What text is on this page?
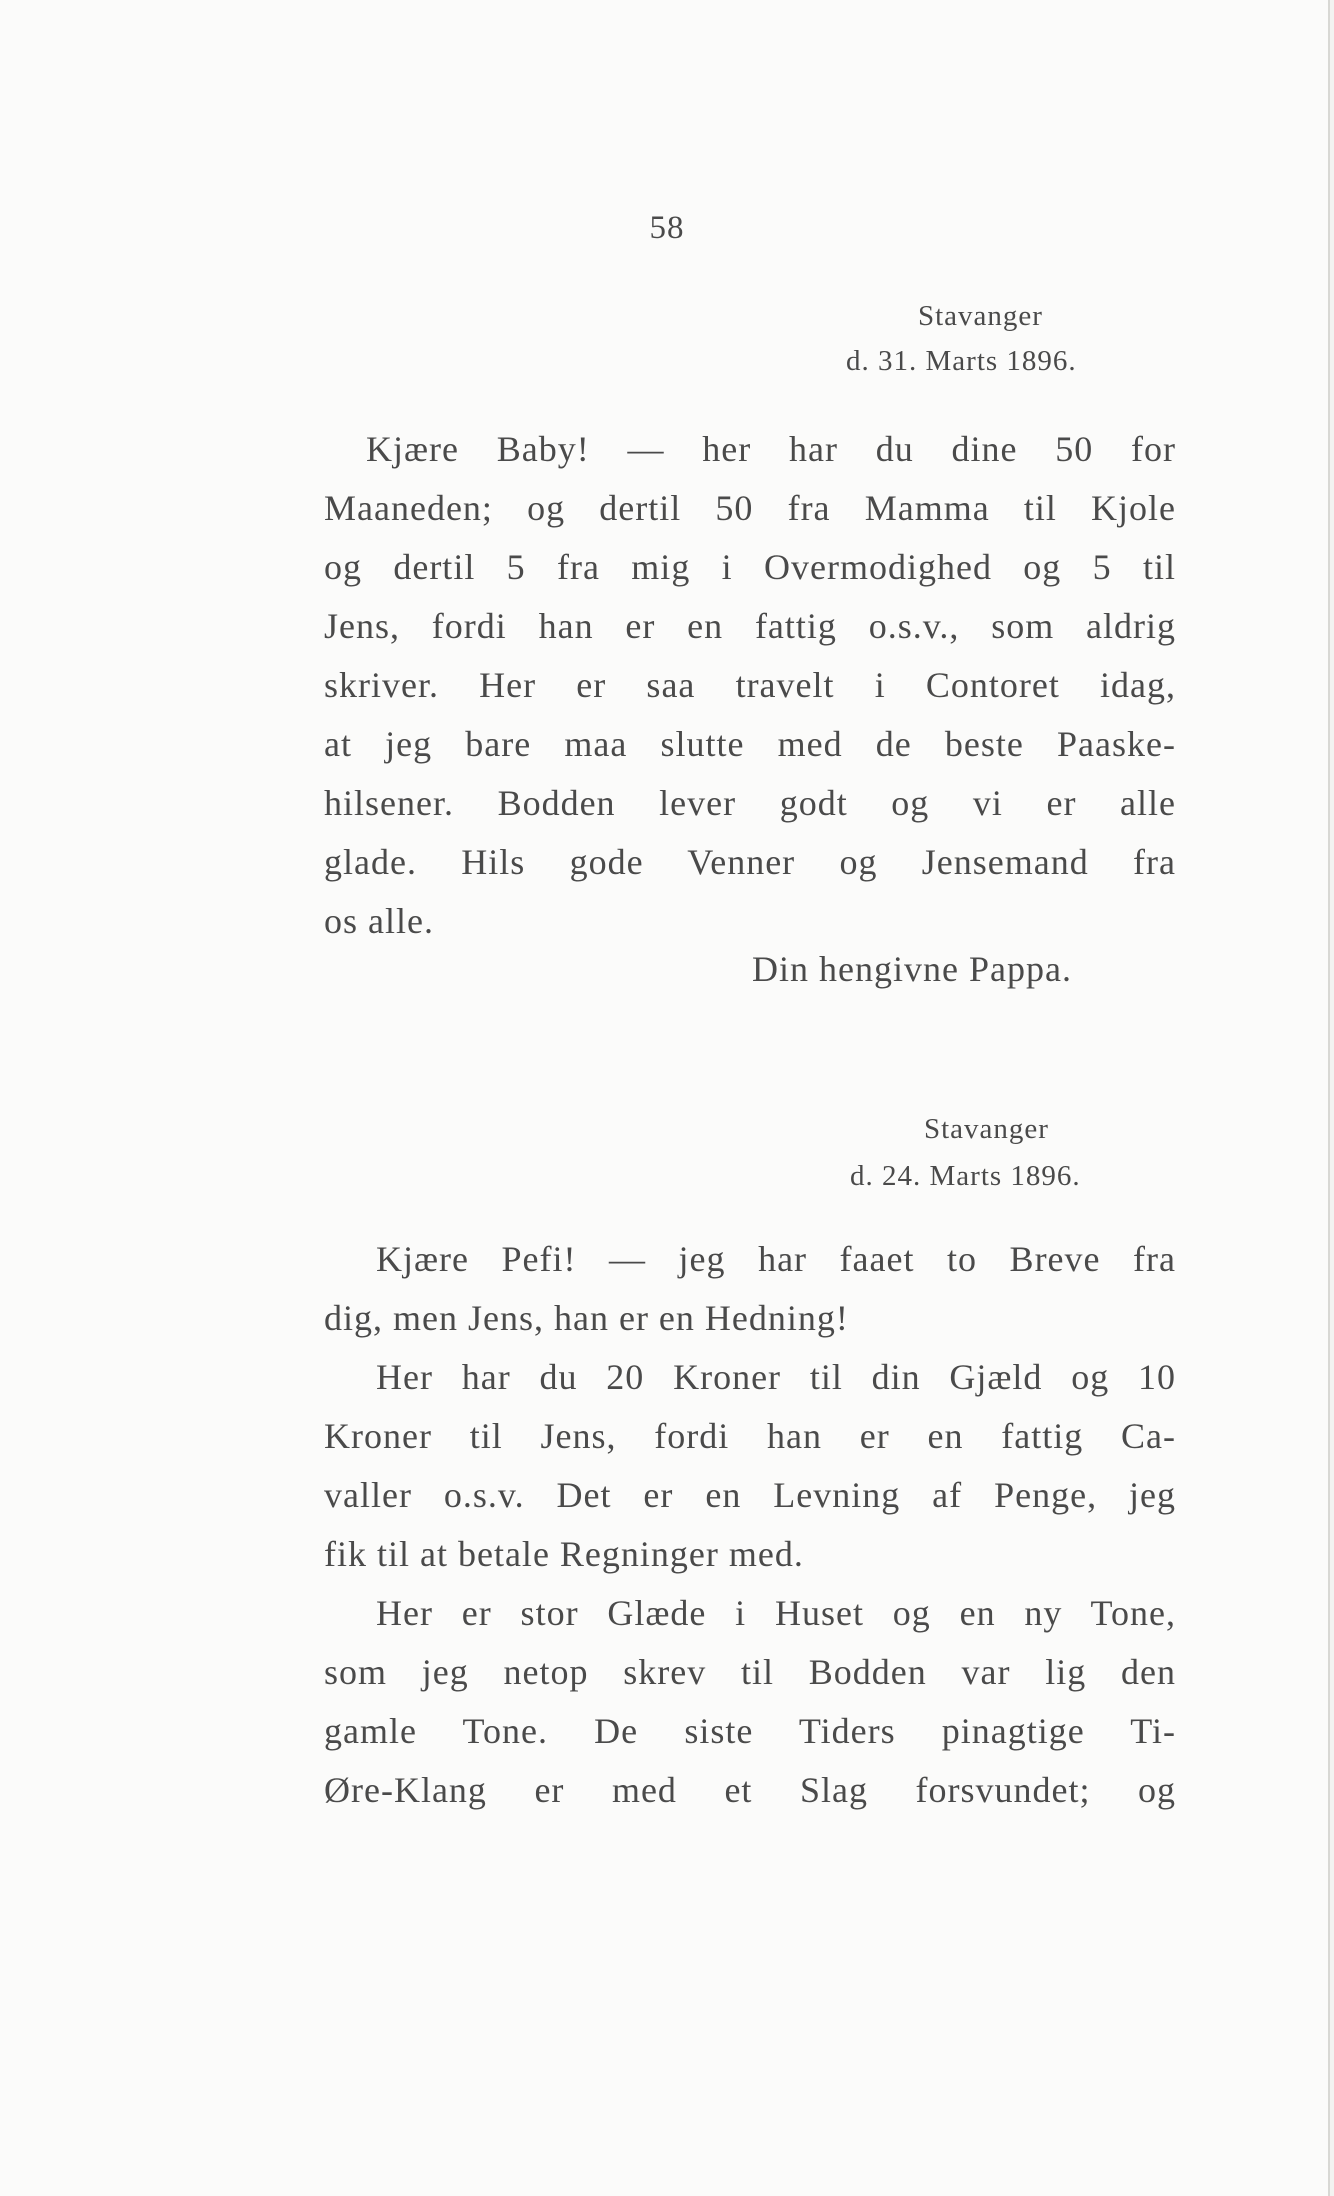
58
Stavanger
d. 31. Marts 1896.
Kjære Baby! — her har du dine 50 for
Maaneden; og dertil 50 fra Mamma til Kjole
og dertil 5 fra mig i Overmodighed og 5 til
Jens, fordi han er en fattig o.s.v., som aldrig
skriver. Her er saa travelt i Contoret idag,
at jeg bare maa slutte med de beste Paaske-
hilsener. Bodden lever godt og vi er alle
glade. Hils gode Venner og Jensemand fra
os alle.
Din hengivne Pappa.
Stavanger
d. 24. Marts 1896.
Kjære Pefi! — jeg har faaet to Breve fra
dig, men Jens, han er en Hedning!
Her har du 20 Kroner til din Gjæld og 10
Kroner til Jens, fordi han er en fattig Ca-
valler o.s.v. Det er en Levning af Penge, jeg
fik til at betale Regninger med.
Her er stor Glæde i Huset og en ny Tone,
som jeg netop skrev til Bodden var lig den
gamle Tone. De siste Tiders pinagtige Ti-
Øre-Klang er med et Slag forsvundet; og
